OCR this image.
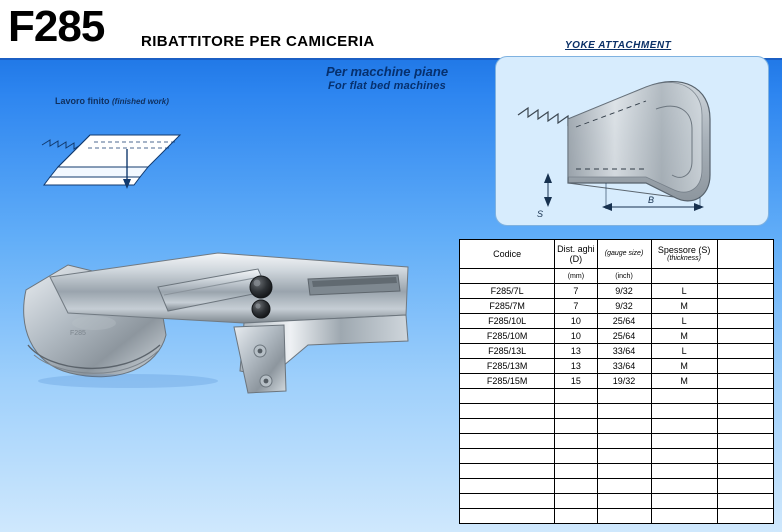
F285 RIBATTITORE PER CAMICERIA
Per macchine piane
For flat bed machines
Lavoro finito (finished work)
F285
YOKE ATTACHMENT
S
B
Codice	Dist. aghi (D)	(gauge size)	Spessore (S)
(thickness)	

	(mm)	(inch)		
F285/7L	7	9/32	L	
F285/7M	7	9/32	M	
F285/10L	10	25/64	L	
F285/10M	10	25/64	M	
F285/13L	13	33/64	L	
F285/13M	13	33/64	M	
F285/15M	15	19/32	M	
